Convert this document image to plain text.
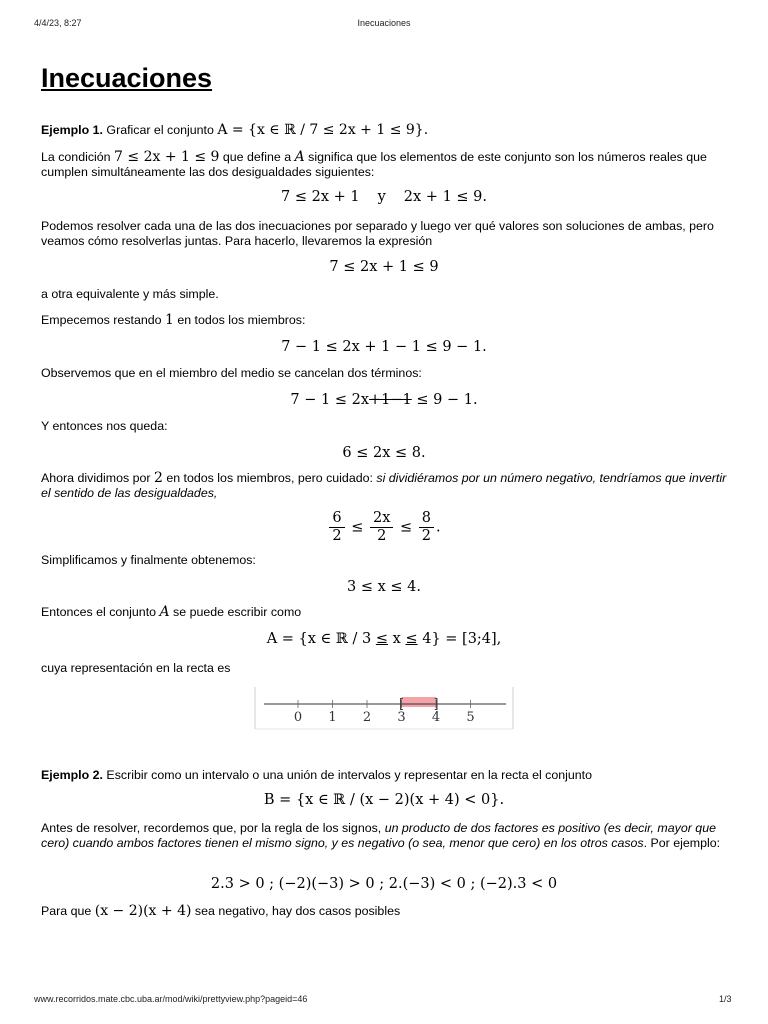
4/4/23, 8:27	Inecuaciones
Inecuaciones

Ejemplo 1. Graficar el conjunto A = {x ∈ ℝ / 7 ≤ 2x + 1 ≤ 9}.

La condición 7 ≤ 2x + 1 ≤ 9 que define a A significa que los elementos de este conjunto son los números reales que cumplen simultáneamente las dos desigualdades siguientes:

7 ≤ 2x + 1 y 2x + 1 ≤ 9.

Podemos resolver cada una de las dos inecuaciones por separado y luego ver qué valores son soluciones de ambas, pero veamos cómo resolverlas juntas. Para hacerlo, llevaremos la expresión

7 ≤ 2x + 1 ≤ 9

a otra equivalente y más simple.

Empecemos restando 1 en todos los miembros:

7 − 1 ≤ 2x + 1 − 1 ≤ 9 − 1.

Observemos que en el miembro del medio se cancelan dos términos:

7 − 1 ≤ 2x+1−1 ≤ 9 − 1.

Y entonces nos queda:

6 ≤ 2x ≤ 8.

Ahora dividimos por 2 en todos los miembros, pero cuidado: si dividiéramos por un número negativo, tendríamos que invertir el sentido de las desigualdades,

$\frac{6}{2} \le \frac{2x}{2} \le \frac{8}{2}$ .

Simplificamos y finalmente obtenemos:

3 ≤ x ≤ 4.

Entonces el conjunto A se puede escribir como

A = {x ∈ ℝ / 3 ≤ x ≤ 4} = [3;4],

cuya representación en la recta es

0 1 2 3 4 5
[ ]

Ejemplo 2. Escribir como un intervalo o una unión de intervalos y representar en la recta el conjunto

B = {x ∈ ℝ / (x − 2)(x + 4) < 0}.

Antes de resolver, recordemos que, por la regla de los signos, un producto de dos factores es positivo (es decir, mayor que cero) cuando ambos factores tienen el mismo signo, y es negativo (o sea, menor que cero) en los otros casos. Por ejemplo:

2.3 > 0 ; (−2)(−3) > 0 ; 2.(−3) < 0 ; (−2).3 < 0

Para que (x − 2)(x + 4) sea negativo, hay dos casos posibles

www.recorridos.mate.cbc.uba.ar/mod/wiki/prettyview.php?pageid=46	1/3
